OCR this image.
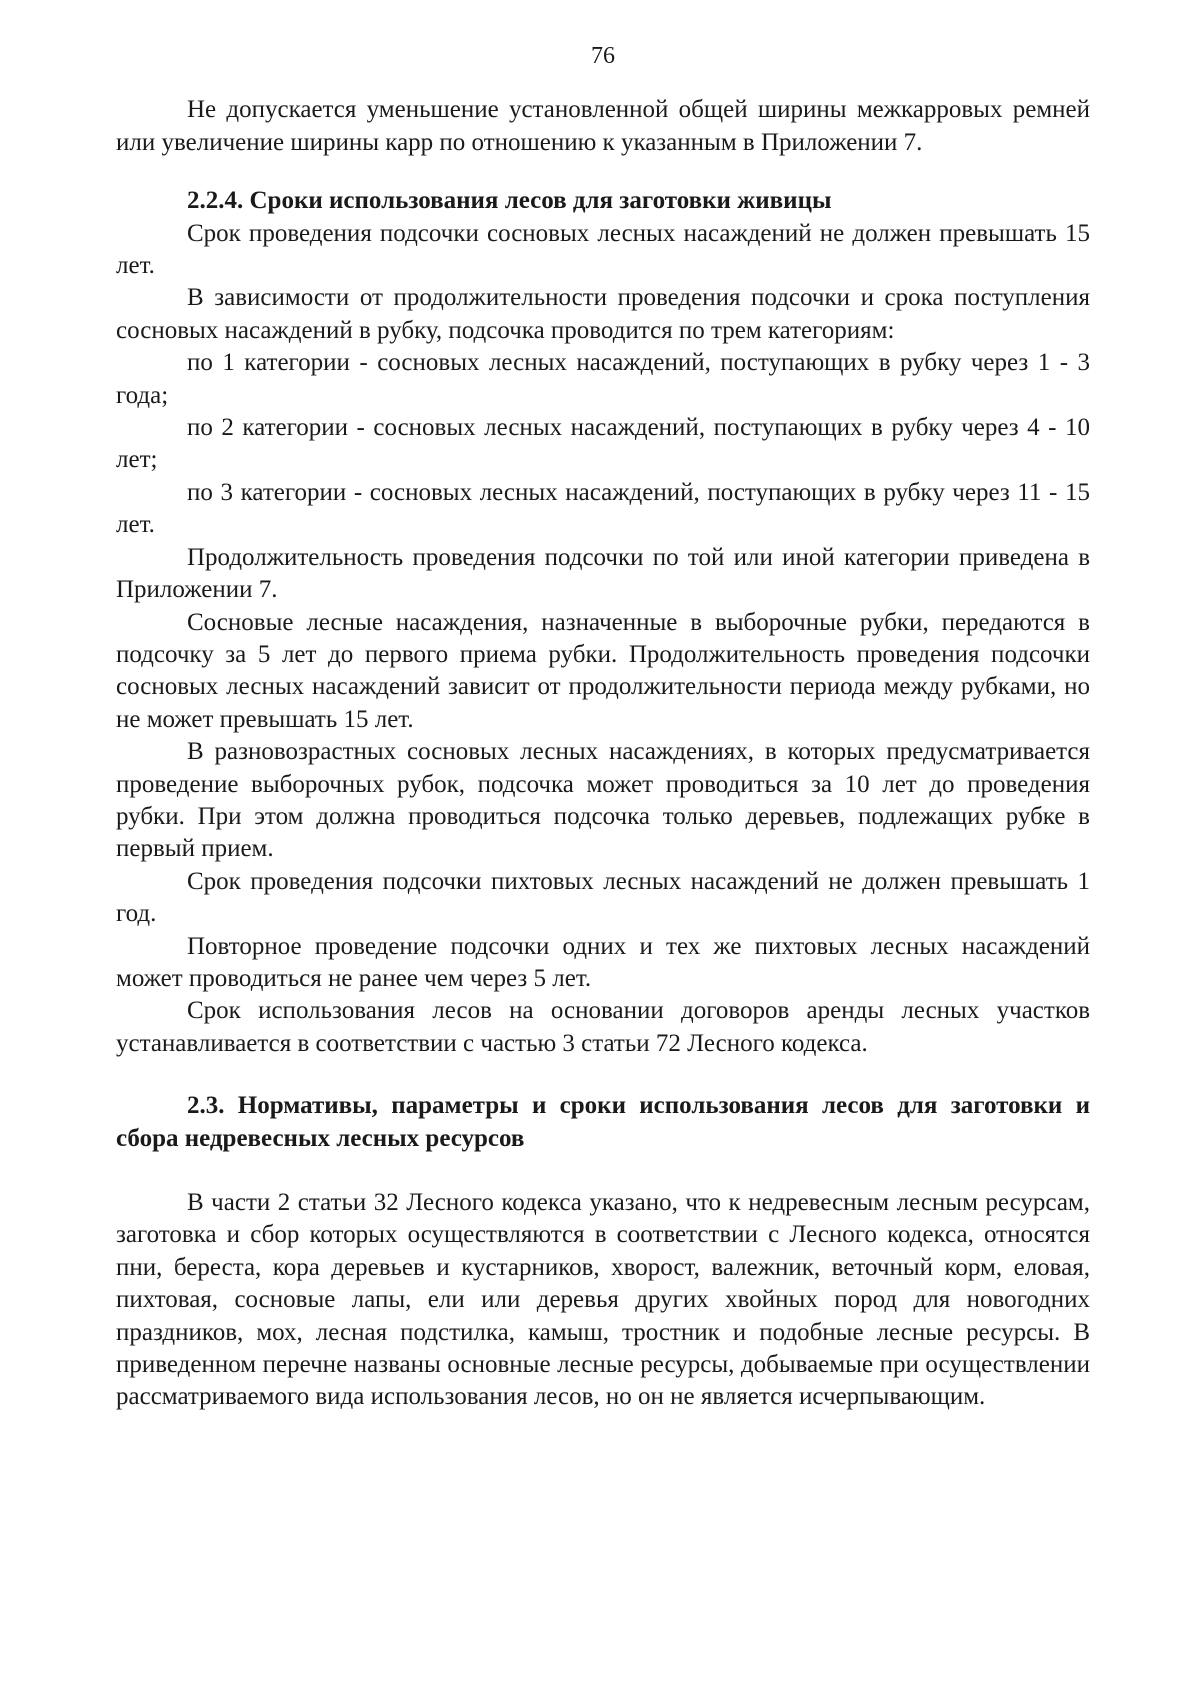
76

Не допускается уменьшение установленной общей ширины межкарровых ремней или увеличение ширины карр по отношению к указанным в Приложении 7.

2.2.4. Сроки использования лесов для заготовки живицы

Срок проведения подсочки сосновых лесных насаждений не должен превышать 15 лет.

В зависимости от продолжительности проведения подсочки и срока поступления сосновых насаждений в рубку, подсочка проводится по трем категориям:

по 1 категории - сосновых лесных насаждений, поступающих в рубку через 1 - 3 года;

по 2 категории - сосновых лесных насаждений, поступающих в рубку через 4 - 10 лет;

по 3 категории - сосновых лесных насаждений, поступающих в рубку через 11 - 15 лет.

Продолжительность проведения подсочки по той или иной категории приведена в Приложении 7.

Сосновые лесные насаждения, назначенные в выборочные рубки, передаются в подсочку за 5 лет до первого приема рубки. Продолжительность проведения подсочки сосновых лесных насаждений зависит от продолжительности периода между рубками, но не может превышать 15 лет.

В разновозрастных сосновых лесных насаждениях, в которых предусматривается проведение выборочных рубок, подсочка может проводиться за 10 лет до проведения рубки. При этом должна проводиться подсочка только деревьев, подлежащих рубке в первый прием.

Срок проведения подсочки пихтовых лесных насаждений не должен превышать 1 год.

Повторное проведение подсочки одних и тех же пихтовых лесных насаждений может проводиться не ранее чем через 5 лет.

Срок использования лесов на основании договоров аренды лесных участков устанавливается в соответствии с частью 3 статьи 72 Лесного кодекса.

2.3. Нормативы, параметры и сроки использования лесов для заготовки и сбора недревесных лесных ресурсов

В части 2 статьи 32 Лесного кодекса указано, что к недревесным лесным ресурсам, заготовка и сбор которых осуществляются в соответствии с Лесного кодекса, относятся пни, береста, кора деревьев и кустарников, хворост, валежник, веточный корм, еловая, пихтовая, сосновые лапы, ели или деревья других хвойных пород для новогодних праздников, мох, лесная подстилка, камыш, тростник и подобные лесные ресурсы. В приведенном перечне названы основные лесные ресурсы, добываемые при осуществлении рассматриваемого вида использования лесов, но он не является исчерпывающим.
